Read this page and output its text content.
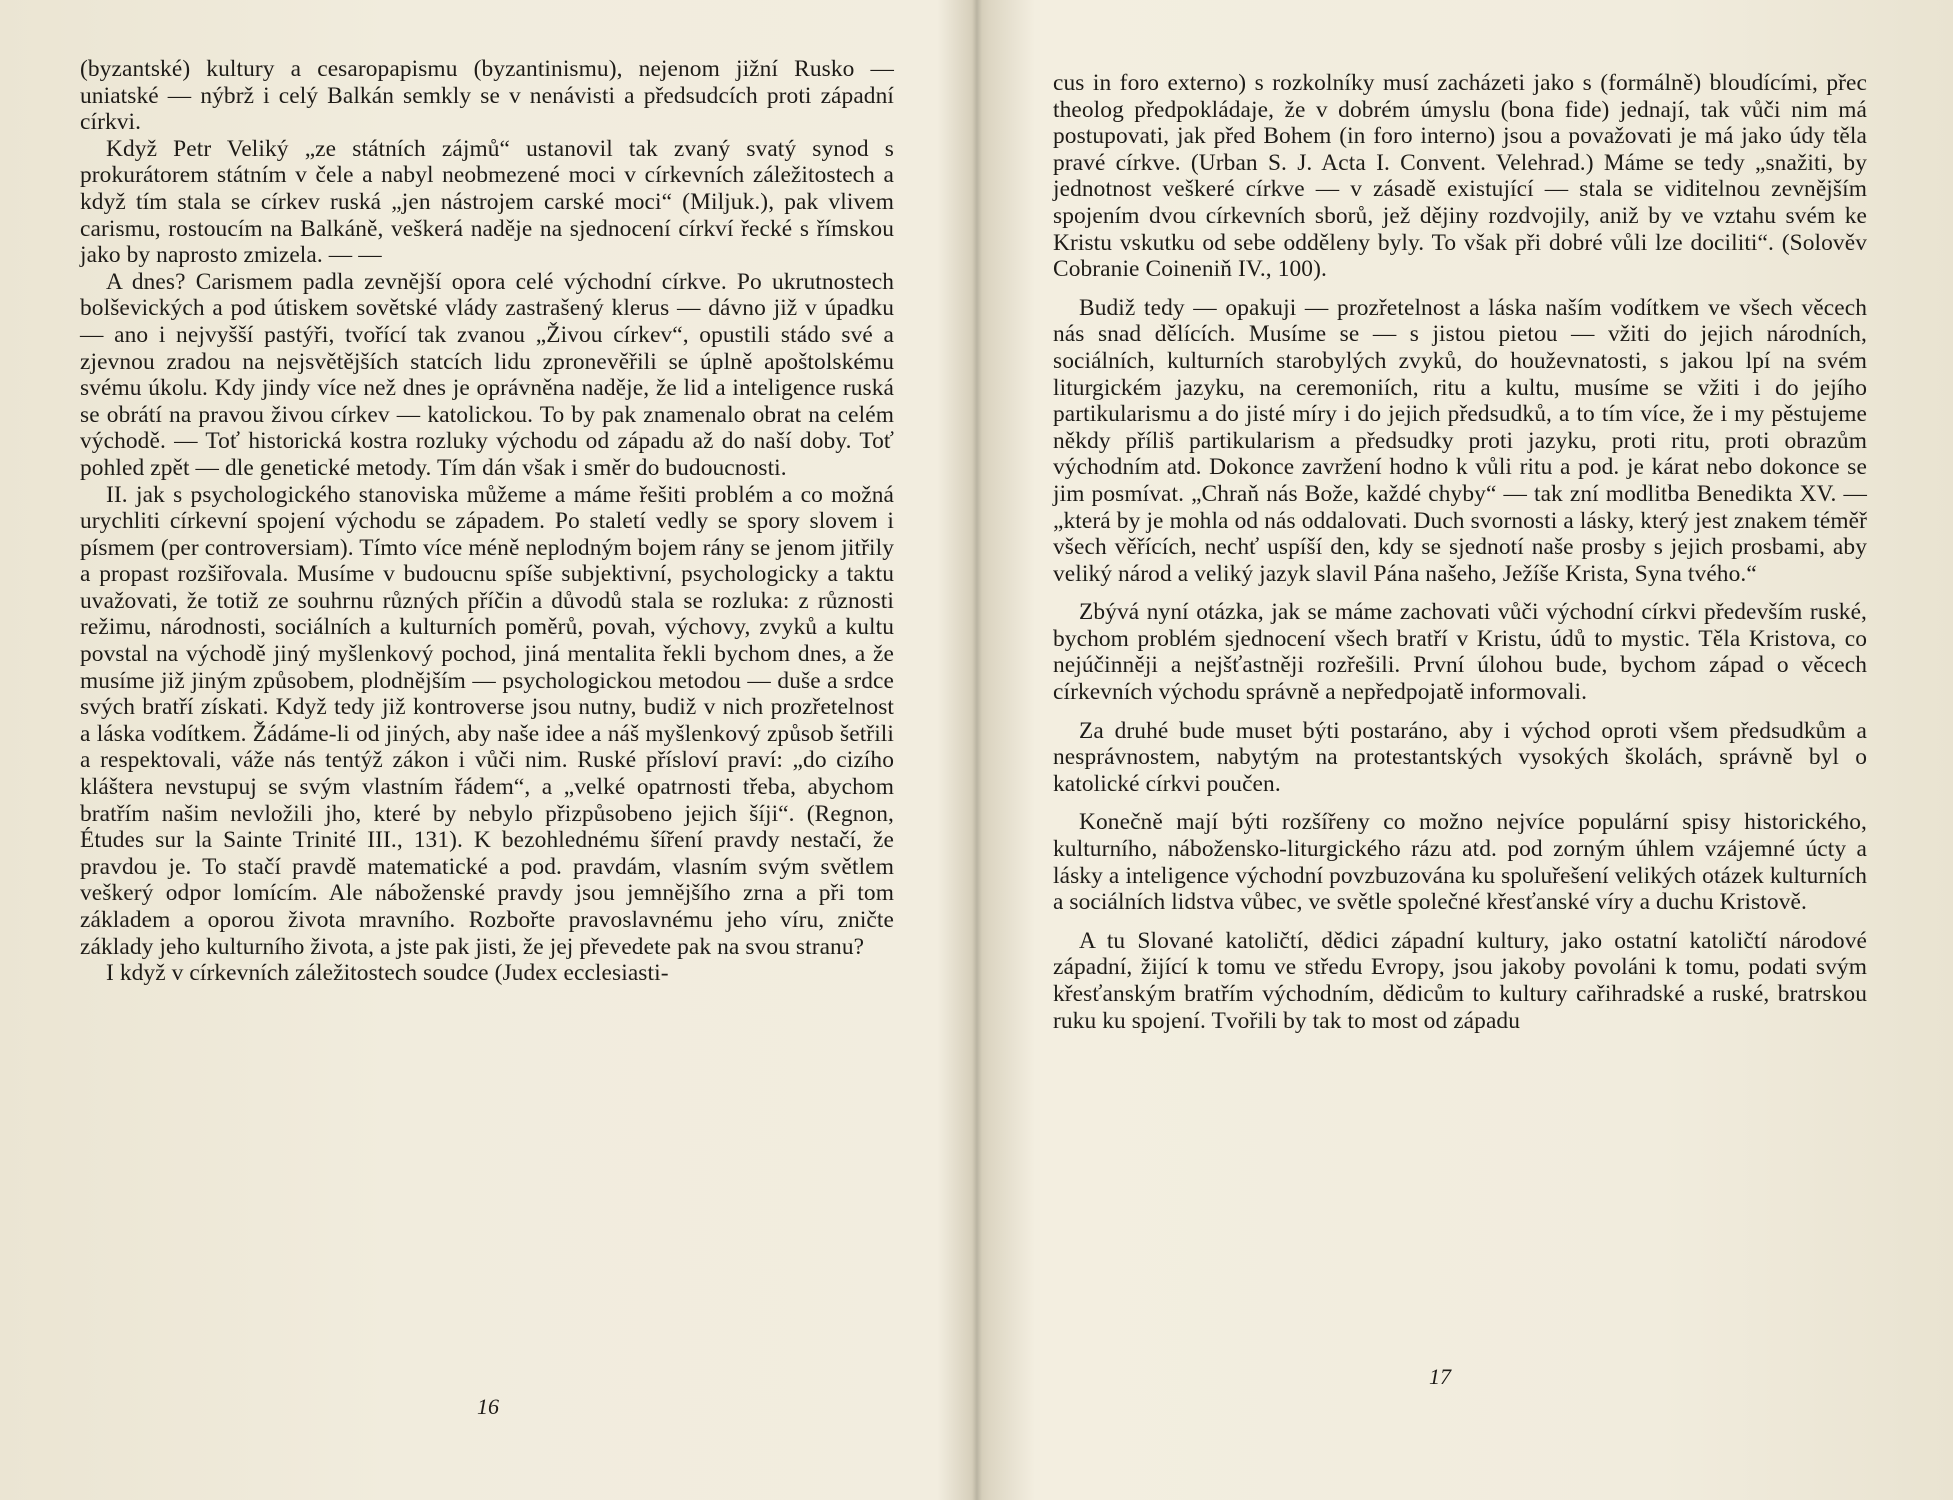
(byzantské) kultury a cesaropapismu (byzantinismu), nejenom jižní Rusko — uniatské — nýbrž i celý Balkán semkly se v nenávisti a předsudcích proti západní církvi.

Když Petr Veliký „ze státních zájmů“ ustanovil tak zvaný svatý synod s prokurátorem státním v čele a nabyl neobmezené moci v církevních záležitostech a když tím stala se církev ruská „jen nástrojem carské moci“ (Miljuk.), pak vlivem carismu, rostoucím na Balkáně, veškerá naděje na sjednocení církví řecké s římskou jako by naprosto zmizela. — —

A dnes? Carismem padla zevnější opora celé východní církve. Po ukrutnostech bolševických a pod útiskem sovětské vlády zastrašený klerus — dávno již v úpadku — ano i nejvyšší pastýři, tvořící tak zvanou „Živou církev“, opustili stádo své a zjevnou zradou na nejsvětějších statcích lidu zpronevěřili se úplně apoštolskému svému úkolu. Kdy jindy více než dnes je oprávněna naděje, že lid a inteligence ruská se obrátí na pravou živou církev — katolickou. To by pak znamenalo obrat na celém východě. — Toť historická kostra rozluky východu od západu až do naší doby. Toť pohled zpět — dle genetické metody. Tím dán však i směr do budoucnosti.

II. jak s psychologického stanoviska můžeme a máme řešiti problém a co možná urychliti církevní spojení východu se západem. Po staletí vedly se spory slovem i písmem (per controversiam). Tímto více méně neplodným bojem rány se jenom jitřily a propast rozšiřovala. Musíme v budoucnu spíše subjektivní, psychologicky a taktu uvažovati, že totiž ze souhrnu různých příčin a důvodů stala se rozluka: z různosti režimu, národnosti, sociálních a kulturních poměrů, povah, výchovy, zvyků a kultu povstal na východě jiný myšlenkový pochod, jiná mentalita řekli bychom dnes, a že musíme již jiným způsobem, plodnějším — psychologickou metodou — duše a srdce svých bratří získati. Když tedy již kontroverse jsou nutny, budiž v nich prozřetelnost a láska vodítkem. Žádáme-li od jiných, aby naše idee a náš myšlenkový způsob šetřili a respektovali, váže nás tentýž zákon i vůči nim. Ruské přísloví praví: „do cizího kláštera nevstupuj se svým vlastním řádem“, a „velké opatrnosti třeba, abychom bratřím našim nevložili jho, které by nebylo přizpůsobeno jejich šíji“. (Regnon, Études sur la Sainte Trinité III., 131). K bezohlednému šíření pravdy nestačí, že pravdou je. To stačí pravdě matematické a pod. pravdám, vlasním svým světlem veškerý odpor lomícím. Ale náboženské pravdy jsou jemnějšího zrna a při tom základem a oporou života mravního. Rozbořte pravoslavnému jeho víru, zničte základy jeho kulturního života, a jste pak jisti, že jej převedete pak na svou stranu?

I když v církevních záležitostech soudce (Judex ecclesiasti-

16

cus in foro externo) s rozkolníky musí zacházeti jako s (formálně) bloudícími, přec theolog předpokládaje, že v dobrém úmyslu (bona fide) jednají, tak vůči nim má postupovati, jak před Bohem (in foro interno) jsou a považovati je má jako údy těla pravé církve. (Urban S. J. Acta I. Convent. Velehrad.) Máme se tedy „snažiti, by jednotnost veškeré církve — v zásadě existující — stala se viditelnou zevnějším spojením dvou církevních sborů, jež dějiny rozdvojily, aniž by ve vztahu svém ke Kristu vskutku od sebe odděleny byly. To však při dobré vůli lze dociliti“. (Solověv Cobranie Coineniň IV., 100).

Budiž tedy — opakuji — prozřetelnost a láska naším vodítkem ve všech věcech nás snad dělících. Musíme se — s jistou pietou — vžiti do jejich národních, sociálních, kulturních starobylých zvyků, do houževnatosti, s jakou lpí na svém liturgickém jazyku, na ceremoniích, ritu a kultu, musíme se vžiti i do jejího partikularismu a do jisté míry i do jejich předsudků, a to tím více, že i my pěstujeme někdy příliš partikularism a předsudky proti jazyku, proti ritu, proti obrazům východním atd. Dokonce zavržení hodno k vůli ritu a pod. je kárat nebo dokonce se jim posmívat. „Chraň nás Bože, každé chyby“ — tak zní modlitba Benedikta XV. — „která by je mohla od nás oddalovati. Duch svornosti a lásky, který jest znakem téměř všech věřících, nechť uspíší den, kdy se sjednotí naše prosby s jejich prosbami, aby veliký národ a veliký jazyk slavil Pána našeho, Ježíše Krista, Syna tvého.“

Zbývá nyní otázka, jak se máme zachovati vůči východní církvi především ruské, bychom problém sjednocení všech bratří v Kristu, údů to mystic. Těla Kristova, co nejúčinněji a nejšťastněji rozřešili. První úlohou bude, bychom západ o věcech církevních východu správně a nepředpojatě informovali.

Za druhé bude muset býti postaráno, aby i východ oproti všem předsudkům a nesprávnostem, nabytým na protestantských vysokých školách, správně byl o katolické církvi poučen.

Konečně mají býti rozšířeny co možno nejvíce populární spisy historického, kulturního, nábožensko-liturgického rázu atd. pod zorným úhlem vzájemné úcty a lásky a inteligence východní povzbuzována ku spoluřešení velikých otázek kulturních a sociálních lidstva vůbec, ve světle společné křesťanské víry a duchu Kristově.

A tu Slované katoličtí, dědici západní kultury, jako ostatní katoličtí národové západní, žijící k tomu ve středu Evropy, jsou jakoby povoláni k tomu, podati svým křesťanským bratřím východním, dědicům to kultury cařihradské a ruské, bratrskou ruku ku spojení. Tvořili by tak to most od západu

17
